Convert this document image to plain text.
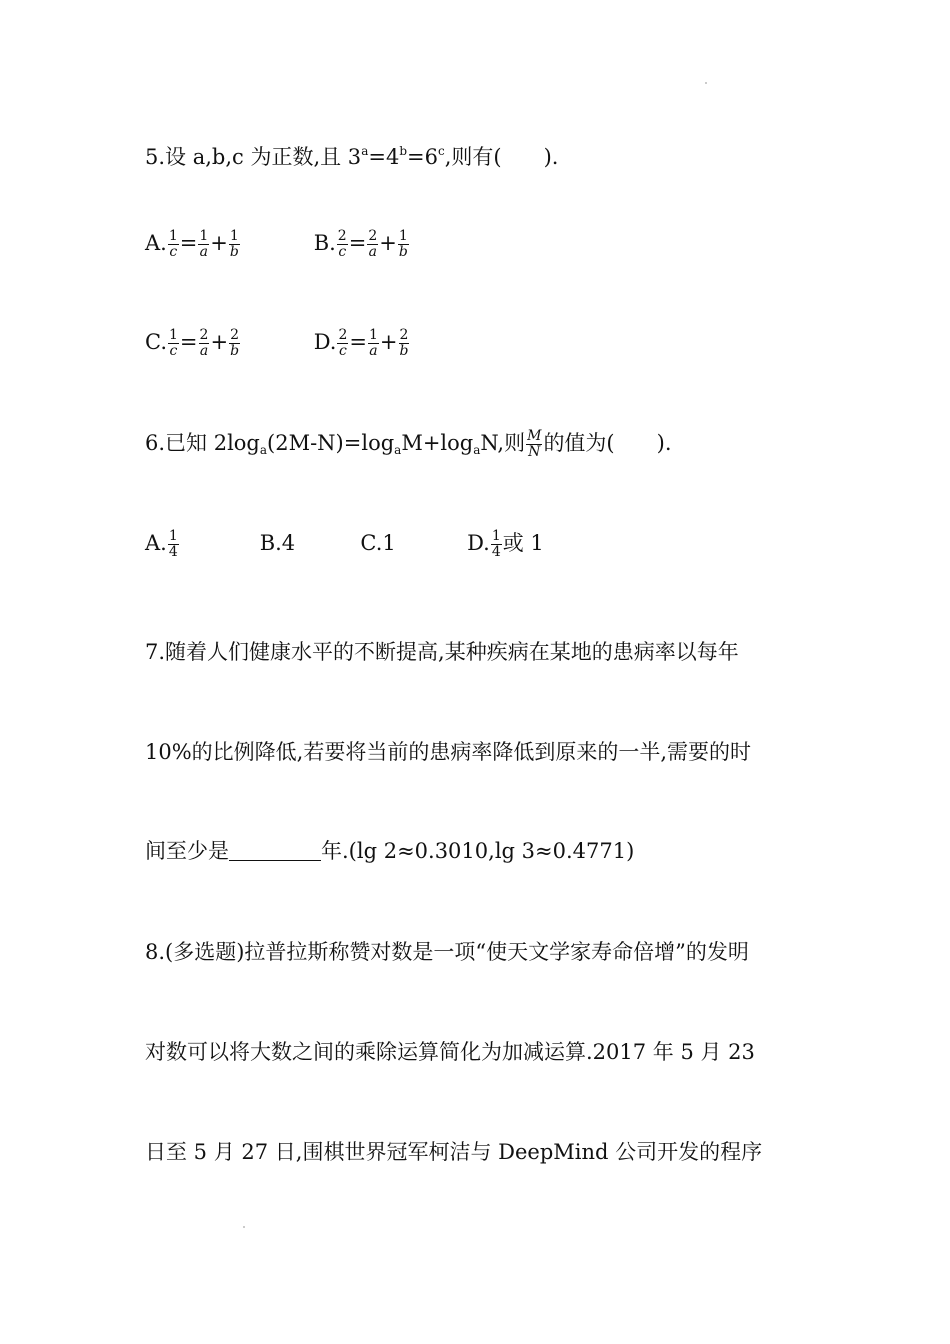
5.设 a,b,c 为正数,且 $3^a=4^b=6^c$,则有(　　).
A. $\frac{1}{c} = \frac{1}{a} + \frac{1}{b}$	B. $\frac{2}{c} = \frac{2}{a} + \frac{1}{b}$
C. $\frac{1}{c} = \frac{2}{a} + \frac{2}{b}$	D. $\frac{2}{c} = \frac{1}{a} + \frac{2}{b}$
6.已知 $2\log_a(2M-N)=\log_aM+\log_aN$,则 $\frac{M}{N}$ 的值为(　　).
A. $\frac{1}{4}$	B.4	C.1	D. $\frac{1}{4}$ 或 1
7.随着人们健康水平的不断提高,某种疾病在某地的患病率以每年
10%的比例降低,若要将当前的患病率降低到原来的一半,需要的时
间至少是	年.(lg 2≈0.3010,lg 3≈0.4771)
8.(多选题)拉普拉斯称赞对数是一项“使天文学家寿命倍增”的发明
对数可以将大数之间的乘除运算简化为加减运算.2017 年 5 月 23
日至 5 月 27 日,围棋世界冠军柯洁与 DeepMind 公司开发的程序
